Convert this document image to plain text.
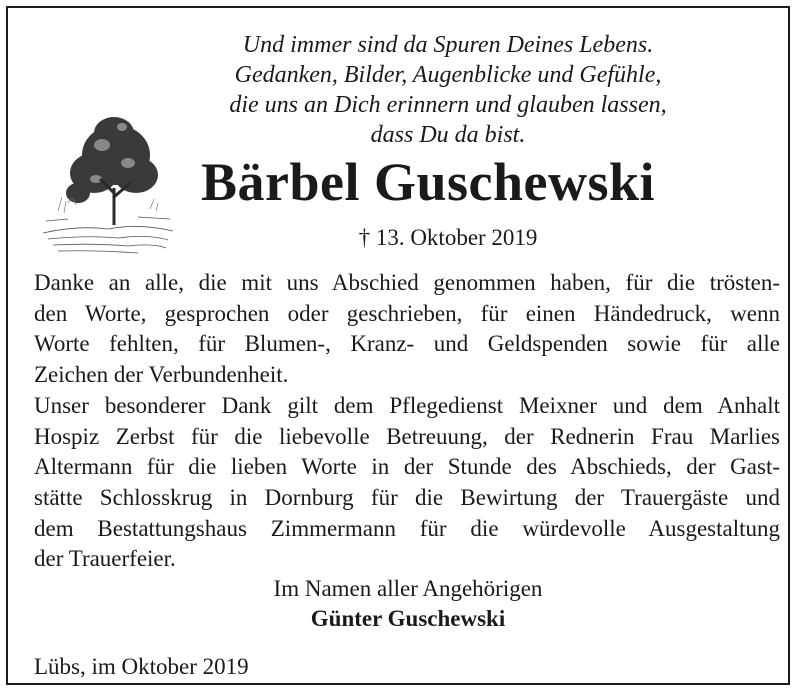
Und immer sind da Spuren Deines Lebens.
Gedanken, Bilder, Augenblicke und Gefühle,
die uns an Dich erinnern und glauben lassen,
dass Du da bist.
Bärbel Guschewski
† 13. Oktober 2019
Danke an alle, die mit uns Abschied genommen haben, für die trösten-
den Worte, gesprochen oder geschrieben, für einen Händedruck, wenn
Worte fehlten, für Blumen-, Kranz- und Geldspenden sowie für alle
Zeichen der Verbundenheit.
Unser besonderer Dank gilt dem Pflegedienst Meixner und dem Anhalt
Hospiz Zerbst für die liebevolle Betreuung, der Rednerin Frau Marlies
Altermann für die lieben Worte in der Stunde des Abschieds, der Gast-
stätte Schlosskrug in Dornburg für die Bewirtung der Trauergäste und
dem Bestattungshaus Zimmermann für die würdevolle Ausgestaltung
der Trauerfeier.
Im Namen aller Angehörigen
Günter Guschewski
Lübs, im Oktober 2019
